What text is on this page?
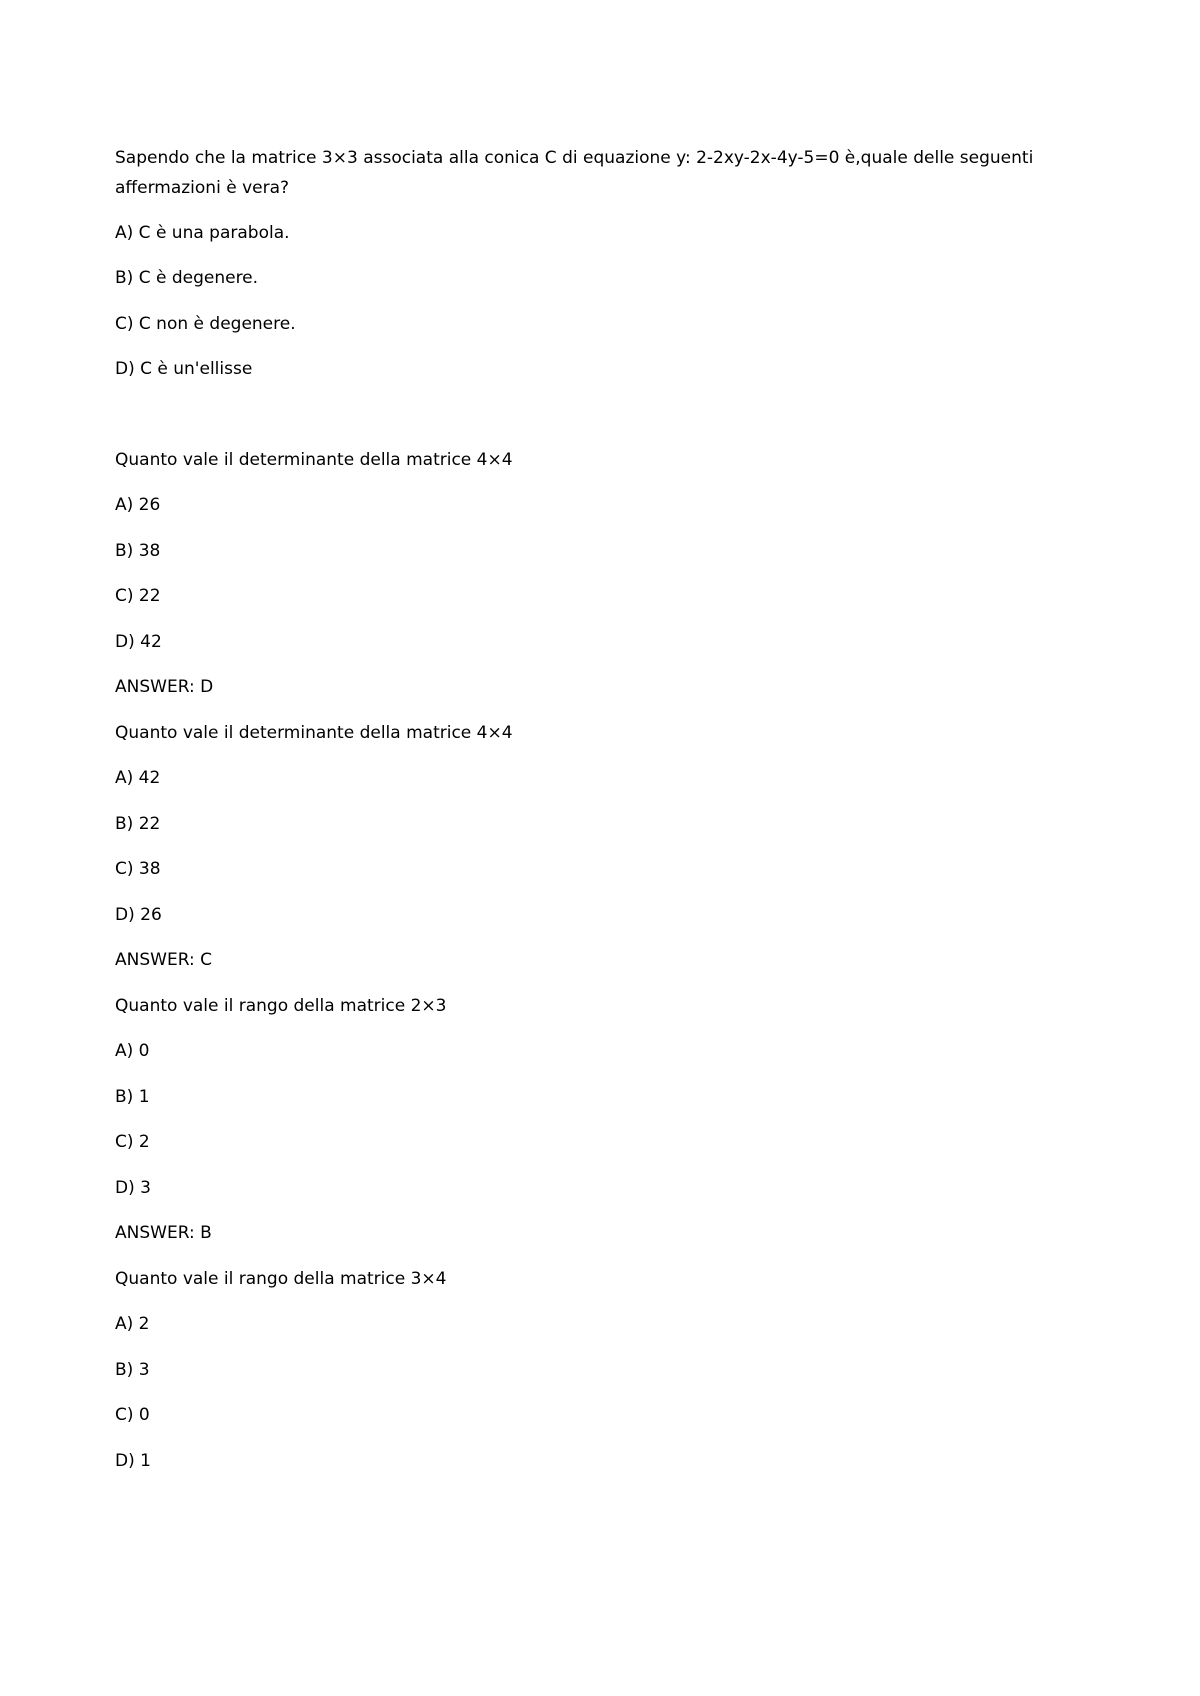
Sapendo che la matrice 3×3 associata alla conica C di equazione y: 2-2xy-2x-4y-5=0 è,quale delle seguenti
affermazioni è vera?
A) C è una parabola.
B) C è degenere.
C) C non è degenere.
D) C è un'ellisse
Quanto vale il determinante della matrice 4×4
A) 26
B) 38
C) 22
D) 42
ANSWER: D
Quanto vale il determinante della matrice 4×4
A) 42
B) 22
C) 38
D) 26
ANSWER: C
Quanto vale il rango della matrice 2×3
A) 0
B) 1
C) 2
D) 3
ANSWER: B
Quanto vale il rango della matrice 3×4
A) 2
B) 3
C) 0
D) 1
